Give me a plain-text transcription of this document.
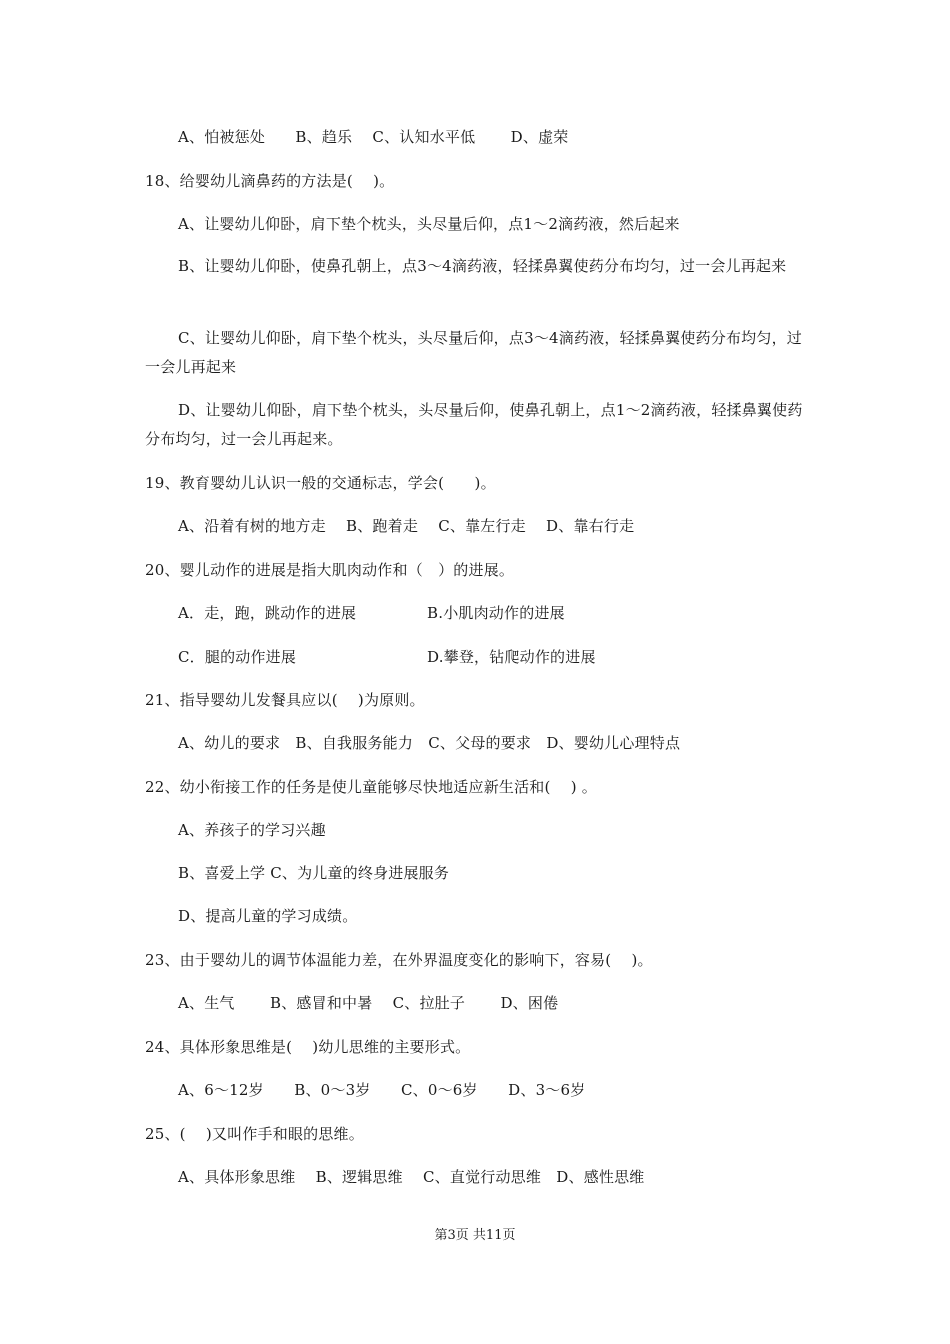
A、怕被惩处　　B、趋乐　 C、认知水平低　　 D、虚荣
18、给婴幼儿滴鼻药的方法是(　 )。
A、让婴幼儿仰卧，肩下垫个枕头，头尽量后仰，点1～2滴药液，然后起来
B、让婴幼儿仰卧，使鼻孔朝上，点3～4滴药液，轻揉鼻翼使药分布均匀，过一会儿再起来
C、让婴幼儿仰卧，肩下垫个枕头，头尽量后仰，点3～4滴药液，轻揉鼻翼使药分布均匀，过一会儿再起来
D、让婴幼儿仰卧，肩下垫个枕头，头尽量后仰，使鼻孔朝上，点1～2滴药液，轻揉鼻翼使药分布均匀，过一会儿再起来。
19、教育婴幼儿认识一般的交通标志，学会(　　)。
A、沿着有树的地方走　 B、跑着走　 C、靠左行走　 D、靠右行走
20、婴儿动作的进展是指大肌肉动作和（　）的进展。
A．走，跑，跳动作的进展	B.小肌肉动作的进展
C．腿的动作进展	D.攀登，钻爬动作的进展
21、指导婴幼儿发餐具应以(　 )为原则。
A、幼儿的要求　B、自我服务能力　C、父母的要求　D、婴幼儿心理特点
22、幼小衔接工作的任务是使儿童能够尽快地适应新生活和(　 ) 。
A、养孩子的学习兴趣
B、喜爱上学 C、为儿童的终身进展服务
D、提高儿童的学习成绩。
23、由于婴幼儿的调节体温能力差，在外界温度变化的影响下，容易(　 )。
A、生气　　 B、感冒和中暑　 C、拉肚子　　 D、困倦
24、具体形象思维是(　 )幼儿思维的主要形式。
A、6～12岁　　B、0～3岁　　C、0～6岁　　D、3～6岁
25、(　 )又叫作手和眼的思维。
A、具体形象思维　 B、逻辑思维　 C、直觉行动思维　D、感性思维
第3页 共11页
